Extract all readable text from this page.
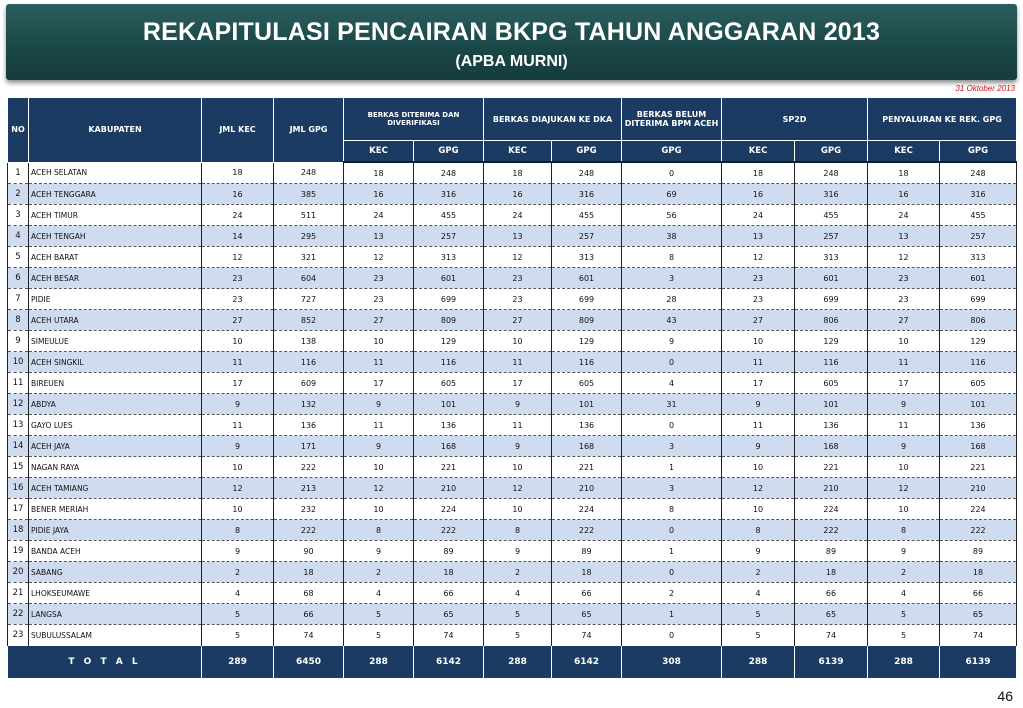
REKAPITULASI PENCAIRAN BKPG TAHUN ANGGARAN 2013
(APBA MURNI)
31 Oktober 2013
NO	KABUPATEN	JML KEC	JML GPG	BERKAS DITERIMA DAN DIVERIFIKASI		BERKAS DIAJUKAN KE DKA		BERKAS BELUM DITERIMA BPM ACEH	SP2D		PENYALURAN KE REK. GPG	
				KEC	GPG	KEC	GPG	GPG	KEC	GPG	KEC	GPG
1	ACEH SELATAN	18	248	18	248	18	248	0	18	248	18	248
2	ACEH TENGGARA	16	385	16	316	16	316	69	16	316	16	316
3	ACEH TIMUR	24	511	24	455	24	455	56	24	455	24	455
4	ACEH TENGAH	14	295	13	257	13	257	38	13	257	13	257
5	ACEH BARAT	12	321	12	313	12	313	8	12	313	12	313
6	ACEH BESAR	23	604	23	601	23	601	3	23	601	23	601
7	PIDIE	23	727	23	699	23	699	28	23	699	23	699
8	ACEH UTARA	27	852	27	809	27	809	43	27	806	27	806
9	SIMEULUE	10	138	10	129	10	129	9	10	129	10	129
10	ACEH SINGKIL	11	116	11	116	11	116	0	11	116	11	116
11	BIREUEN	17	609	17	605	17	605	4	17	605	17	605
12	ABDYA	9	132	9	101	9	101	31	9	101	9	101
13	GAYO LUES	11	136	11	136	11	136	0	11	136	11	136
14	ACEH JAYA	9	171	9	168	9	168	3	9	168	9	168
15	NAGAN RAYA	10	222	10	221	10	221	1	10	221	10	221
16	ACEH TAMIANG	12	213	12	210	12	210	3	12	210	12	210
17	BENER MERIAH	10	232	10	224	10	224	8	10	224	10	224
18	PIDIE JAYA	8	222	8	222	8	222	0	8	222	8	222
19	BANDA ACEH	9	90	9	89	9	89	1	9	89	9	89
20	SABANG	2	18	2	18	2	18	0	2	18	2	18
21	LHOKSEUMAWE	4	68	4	66	4	66	2	4	66	4	66
22	LANGSA	5	66	5	65	5	65	1	5	65	5	65
23	SUBULUSSALAM	5	74	5	74	5	74	0	5	74	5	74
T O T A L		289	6450	288	6142	288	6142	308	288	6139	288	6139
46
